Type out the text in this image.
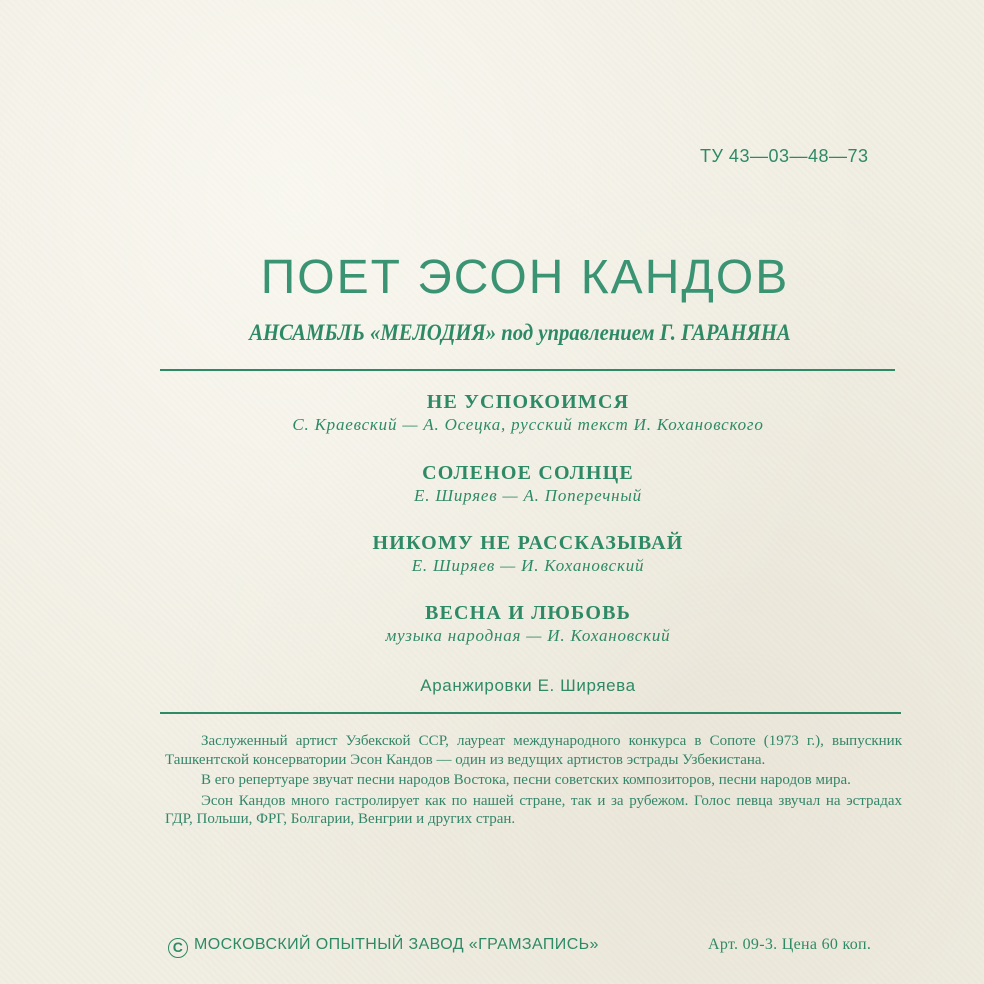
ТУ 43—03—48—73
ПОЕТ ЭСОН КАНДОВ
АНСАМБЛЬ «МЕЛОДИЯ» под управлением Г. ГАРАНЯНА
НЕ УСПОКОИМСЯ
С. Краевский — А. Осецка, русский текст И. Кохановского
СОЛЕНОЕ СОЛНЦЕ
Е. Ширяев — А. Поперечный
НИКОМУ НЕ РАССКАЗЫВАЙ
Е. Ширяев — И. Кохановский
ВЕСНА И ЛЮБОВЬ
музыка народная — И. Кохановский
Аранжировки Е. Ширяева

Заслуженный артист Узбекской ССР, лауреат международного конкурса в Сопоте (1973 г.), выпускник Ташкентской консерватории Эсон Кандов — один из ведущих артистов эстрады Узбекистана.

В его репертуаре звучат песни народов Востока, песни советских композиторов, песни народов мира.

Эсон Кандов много гастролирует как по нашей стране, так и за рубежом. Голос певца звучал на эстрадах ГДР, Польши, ФРГ, Болгарии, Венгрии и других стран.

C МОСКОВСКИЙ ОПЫТНЫЙ ЗАВОД «ГРАМЗАПИСЬ»	Арт. 09-3. Цена 60 коп.
